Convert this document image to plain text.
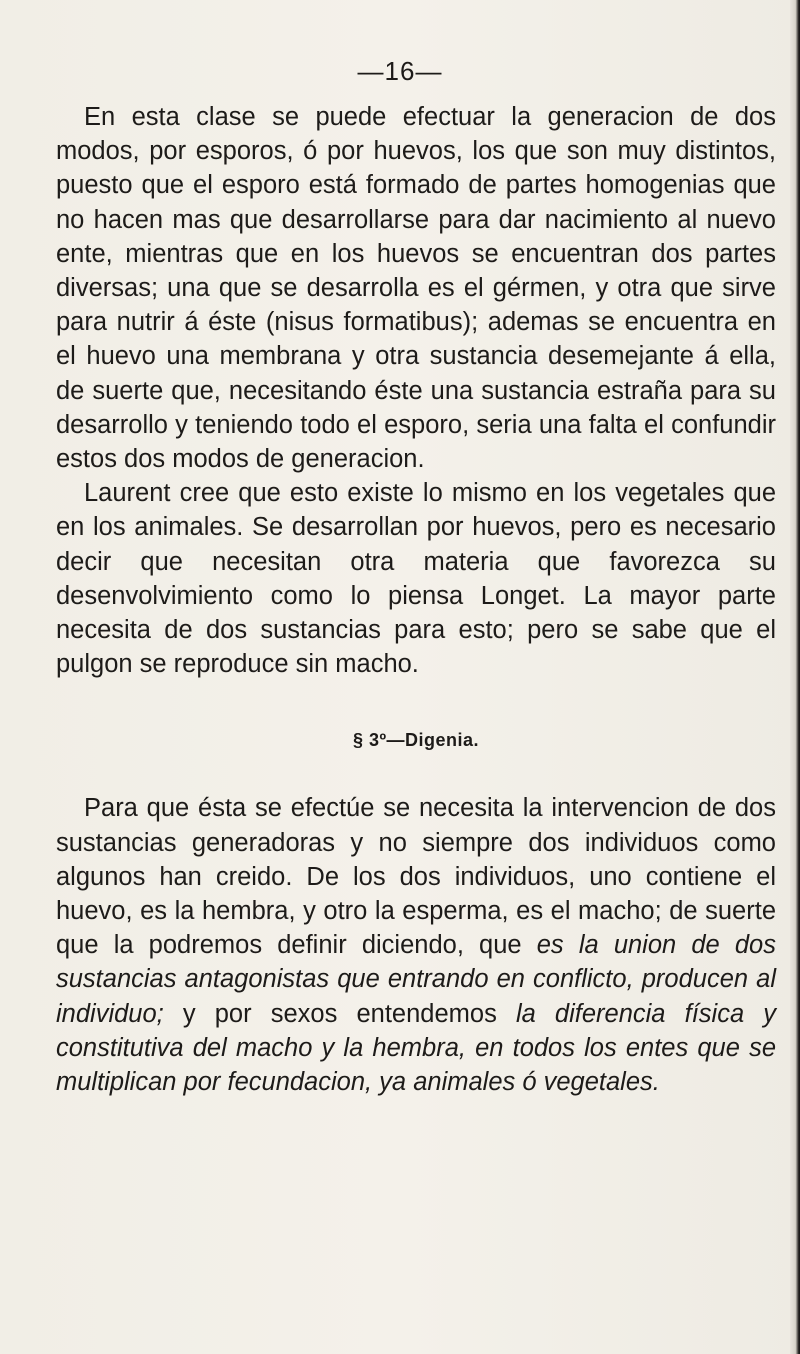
—16—

En esta clase se puede efectuar la generacion de dos modos, por esporos, ó por huevos, los que son muy distintos, puesto que el esporo está formado de partes homogenias que no hacen mas que desarrollarse para dar nacimiento al nuevo ente, mientras que en los huevos se encuentran dos partes diversas; una que se desarrolla es el gérmen, y otra que sirve para nutrir á éste (nisus formatibus); ademas se encuentra en el huevo una membrana y otra sustancia desemejante á ella, de suerte que, necesitando éste una sustancia estraña para su desarrollo y teniendo todo el esporo, seria una falta el confundir estos dos modos de generacion.

Laurent cree que esto existe lo mismo en los vegetales que en los animales. Se desarrollan por huevos, pero es necesario decir que necesitan otra materia que favorezca su desenvolvimiento como lo piensa Longet. La mayor parte necesita de dos sustancias para esto; pero se sabe que el pulgon se reproduce sin macho.

§ 3º—Digenia.

Para que ésta se efectúe se necesita la intervencion de dos sustancias generadoras y no siempre dos individuos como algunos han creido. De los dos individuos, uno contiene el huevo, es la hembra, y otro la esperma, es el macho; de suerte que la podremos definir diciendo, que es la union de dos sustancias antagonistas que entrando en conflicto, producen al individuo; y por sexos entendemos la diferencia física y constitutiva del macho y la hembra, en todos los entes que se multiplican por fecundacion, ya animales ó vegetales.
